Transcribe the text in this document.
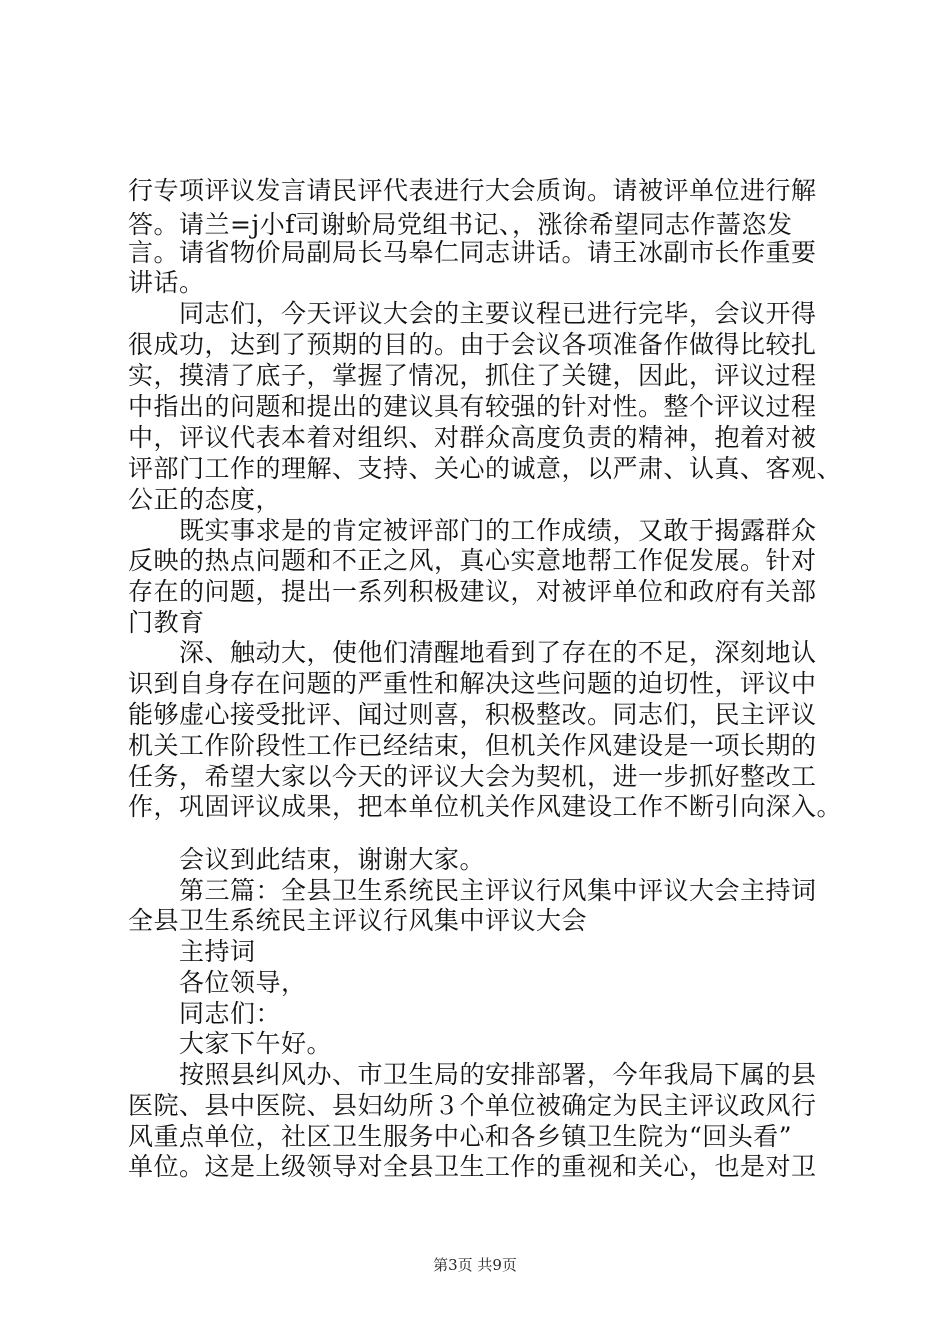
行专项评议发言请民评代表进行大会质询。请被评单位进行解
答。请兰=j小f司谢蚧局党组书记、，涨徐希望同志作蔷恣发
言。请省物价局副局长马皋仁同志讲话。请王冰副市长作重要
讲话。
　　同志们，今天评议大会的主要议程已进行完毕，会议开得
很成功，达到了预期的目的。由于会议各项准备作做得比较扎
实，摸清了底子，掌握了情况，抓住了关键，因此，评议过程
中指出的问题和提出的建议具有较强的针对性。整个评议过程
中，评议代表本着对组织、对群众高度负责的精神，抱着对被
评部门工作的理解、支持、关心的诚意，以严肃、认真、客观、
公正的态度，
　　既实事求是的肯定被评部门的工作成绩，又敢于揭露群众
反映的热点问题和不正之风，真心实意地帮工作促发展。针对
存在的问题，提出一系列积极建议，对被评单位和政府有关部
门教育
　　深、触动大，使他们清醒地看到了存在的不足，深刻地认
识到自身存在问题的严重性和解决这些问题的迫切性，评议中
能够虚心接受批评、闻过则喜，积极整改。同志们，民主评议
机关工作阶段性工作已经结束，但机关作风建设是一项长期的
任务，希望大家以今天的评议大会为契机，进一步抓好整改工
作，巩固评议成果，把本单位机关作风建设工作不断引向深入。
　　会议到此结束，谢谢大家。
　　第三篇：全县卫生系统民主评议行风集中评议大会主持词
全县卫生系统民主评议行风集中评议大会
　　主持词
　　各位领导，
　　同志们：
　　大家下午好。
　　按照县纠风办、市卫生局的安排部署，今年我局下属的县
医院、县中医院、县妇幼所３个单位被确定为民主评议政风行
风重点单位，社区卫生服务中心和各乡镇卫生院为“回头看”
单位。这是上级领导对全县卫生工作的重视和关心，也是对卫
第3页 共9页
